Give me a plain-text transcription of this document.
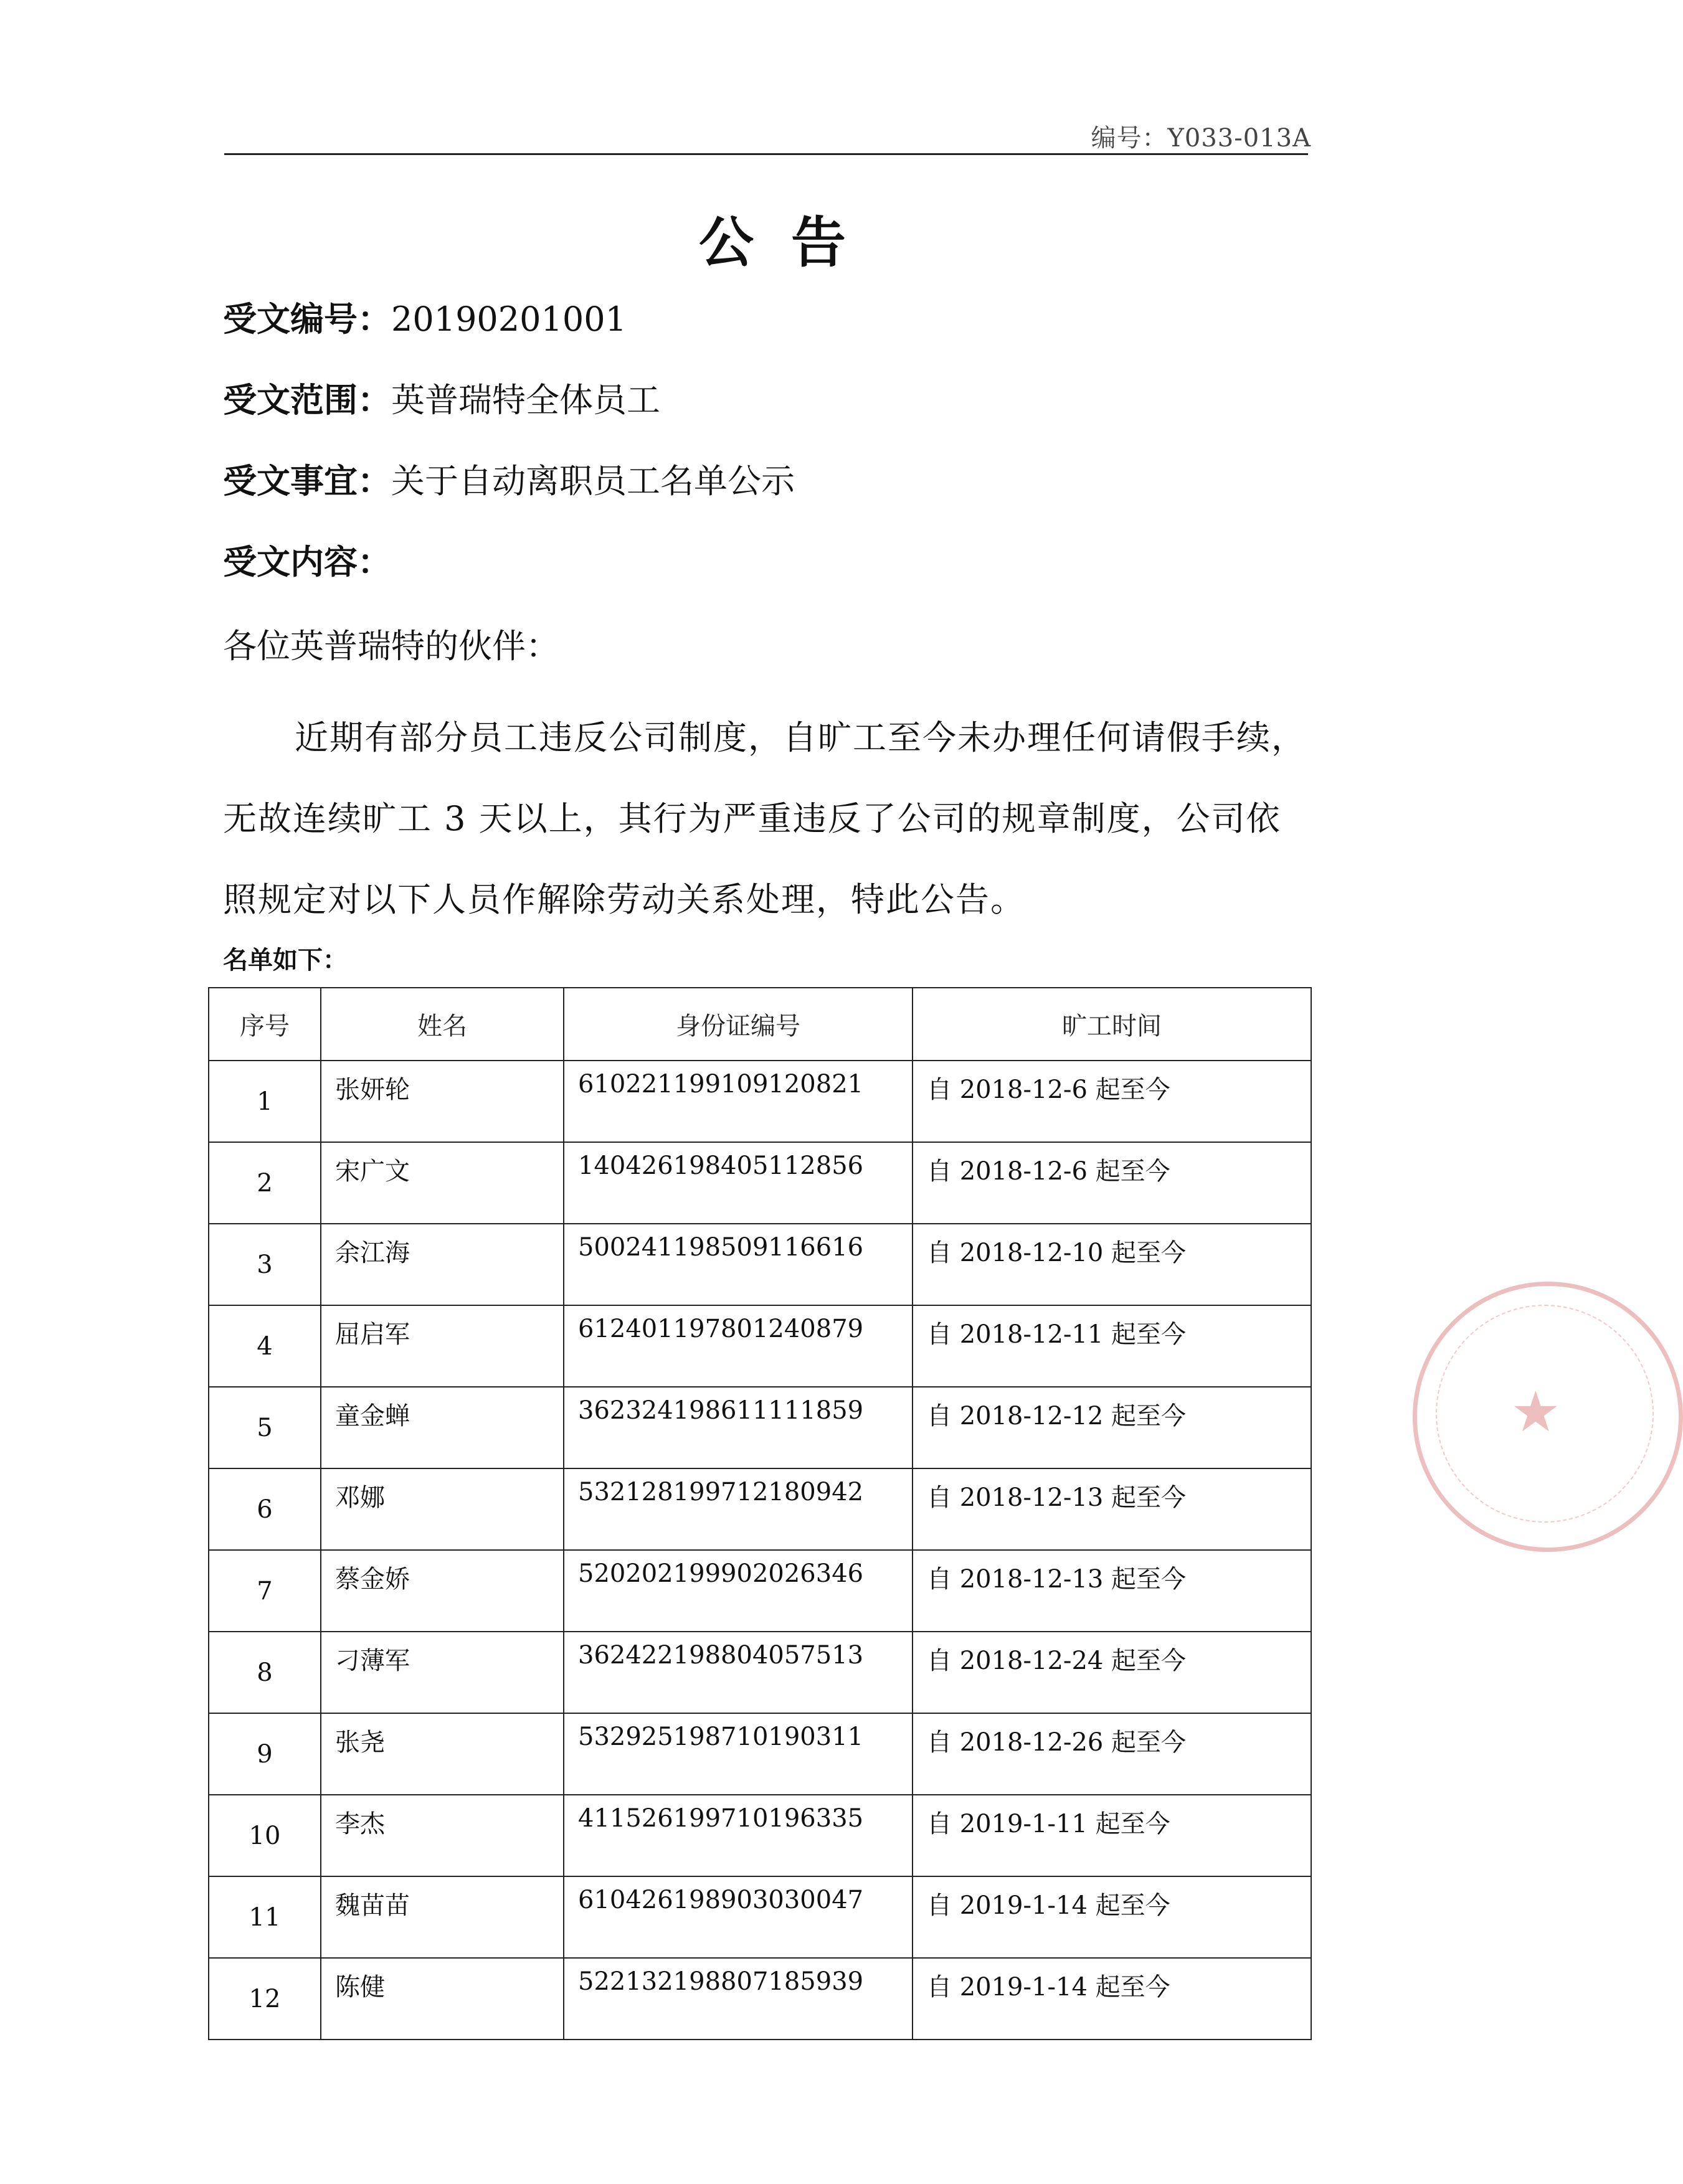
编号：Y033-013A
公告
受文编号：20190201001
受文范围：英普瑞特全体员工
受文事宜：关于自动离职员工名单公示
受文内容：
各位英普瑞特的伙伴：
近期有部分员工违反公司制度，自旷工至今未办理任何请假手续，无故连续旷工 3 天以上，其行为严重违反了公司的规章制度，公司依照规定对以下人员作解除劳动关系处理，特此公告。
名单如下：
序号	姓名	身份证编号	旷工时间
1	张妍轮	610221199109120821	自 2018-12-6 起至今
2	宋广文	140426198405112856	自 2018-12-6 起至今
3	余江海	500241198509116616	自 2018-12-10 起至今
4	屈启军	612401197801240879	自 2018-12-11 起至今
5	童金蝉	362324198611111859	自 2018-12-12 起至今
6	邓娜	532128199712180942	自 2018-12-13 起至今
7	蔡金娇	520202199902026346	自 2018-12-13 起至今
8	刁薄军	362422198804057513	自 2018-12-24 起至今
9	张尧	532925198710190311	自 2018-12-26 起至今
10	李杰	411526199710196335	自 2019-1-11 起至今
11	魏苗苗	610426198903030047	自 2019-1-14 起至今
12	陈健	522132198807185939	自 2019-1-14 起至今
★
